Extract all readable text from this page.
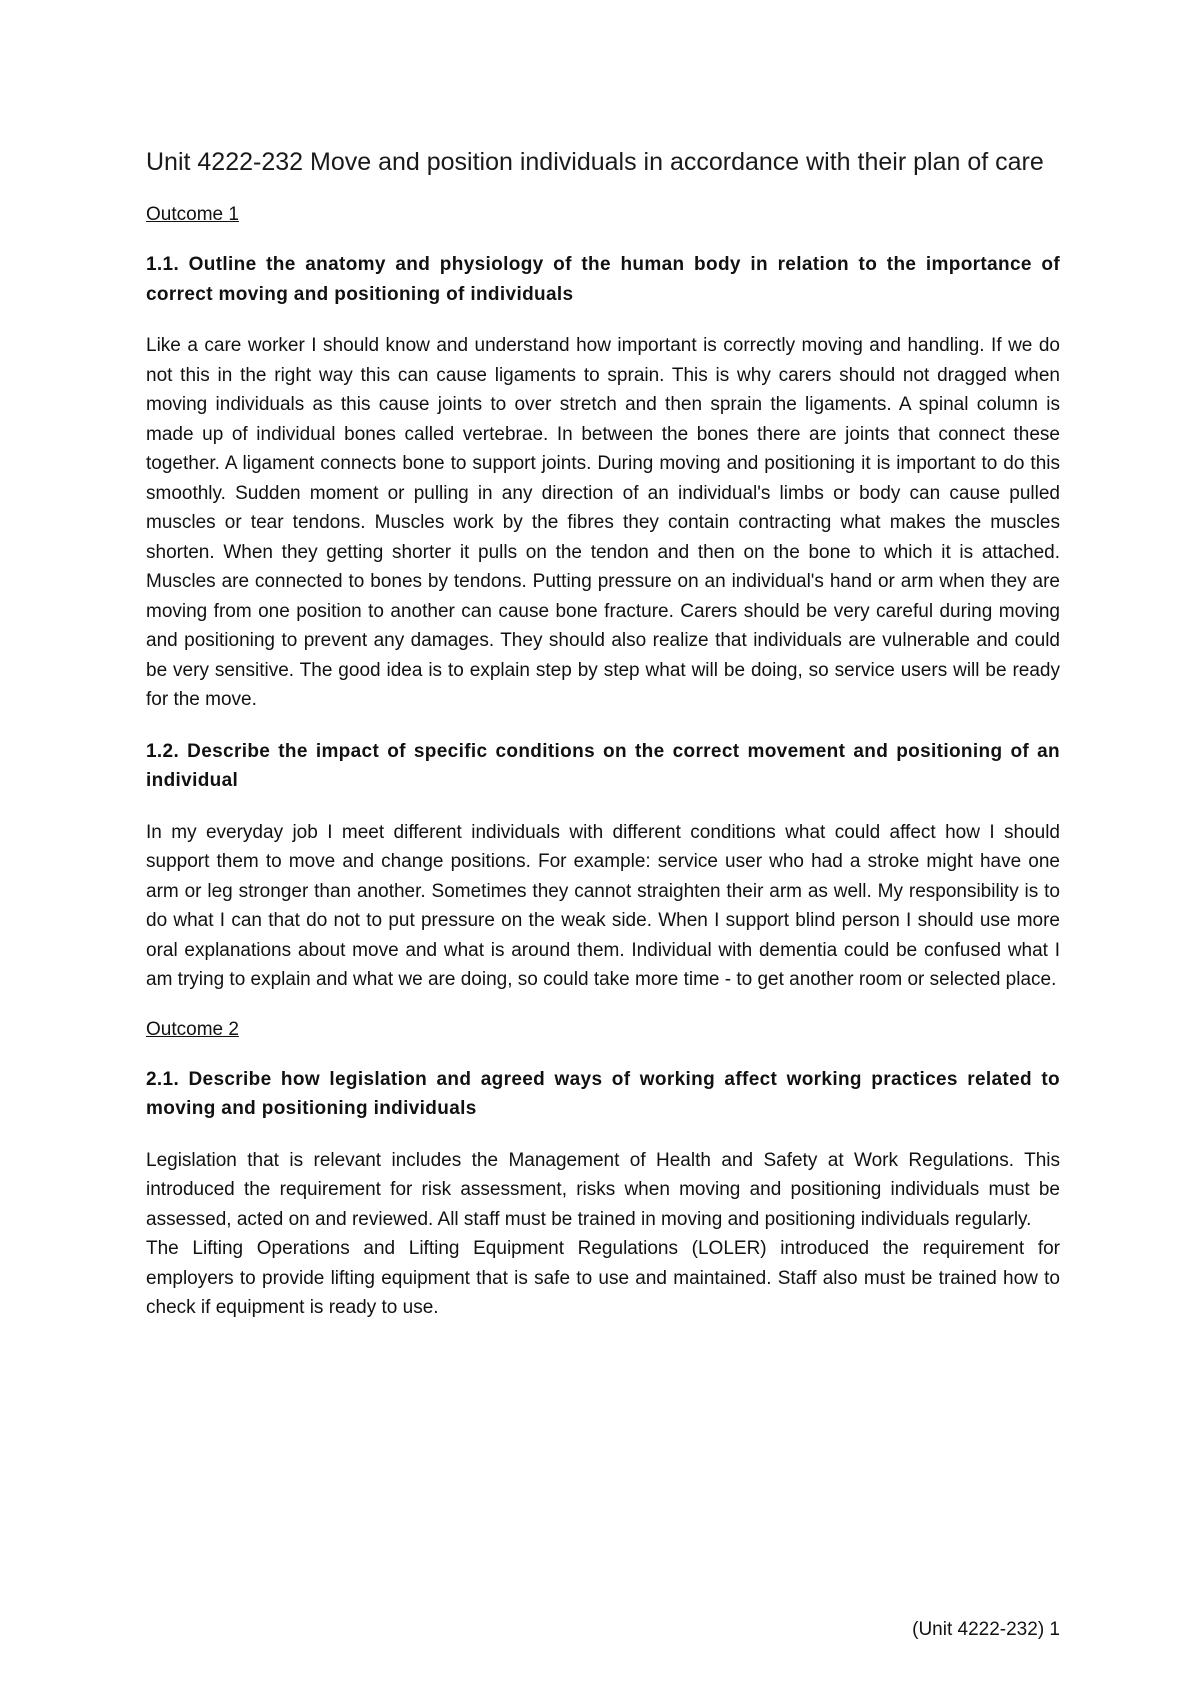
Unit 4222-232 Move and position individuals in accordance with their plan of care
Outcome 1
1.1. Outline the anatomy and physiology of the human body in relation to the importance of correct moving and positioning of individuals
Like a care worker I should know and understand how important is correctly moving and handling. If we do not this in the right way this can cause ligaments to sprain. This is why carers should not dragged when moving individuals as this cause joints to over stretch and then sprain the ligaments. A spinal column is made up of individual bones called vertebrae. In between the bones there are joints that connect these together. A ligament connects bone to support joints. During moving and positioning it is important to do this smoothly. Sudden moment or pulling in any direction of an individual's limbs or body can cause pulled muscles or tear tendons. Muscles work by the fibres they contain contracting what makes the muscles shorten. When they getting shorter it pulls on the tendon and then on the bone to which it is attached. Muscles are connected to bones by tendons. Putting pressure on an individual's hand or arm when they are moving from one position to another can cause bone fracture. Carers should be very careful during moving and positioning to prevent any damages. They should also realize that individuals are vulnerable and could be very sensitive. The good idea is to explain step by step what will be doing, so service users will be ready for the move.
1.2. Describe the impact of specific conditions on the correct movement and positioning of an individual
In my everyday job I meet different individuals with different conditions what could affect how I should support them to move and change positions. For example: service user who had a stroke might have one arm or leg stronger than another. Sometimes they cannot straighten their arm as well. My responsibility is to do what I can that do not to put pressure on the weak side. When I support blind person I should use more oral explanations about move and what is around them. Individual with dementia could be confused what I am trying to explain and what we are doing, so could take more time - to get another room or selected place.
Outcome 2
2.1. Describe how legislation and agreed ways of working affect working practices related to moving and positioning individuals

Legislation that is relevant includes the Management of Health and Safety at Work Regulations. This introduced the requirement for risk assessment, risks when moving and positioning individuals must be assessed, acted on and reviewed. All staff must be trained in moving and positioning individuals regularly.

The Lifting Operations and Lifting Equipment Regulations (LOLER) introduced the requirement for employers to provide lifting equipment that is safe to use and maintained. Staff also must be trained how to check if equipment is ready to use.

(Unit 4222-232) 1
